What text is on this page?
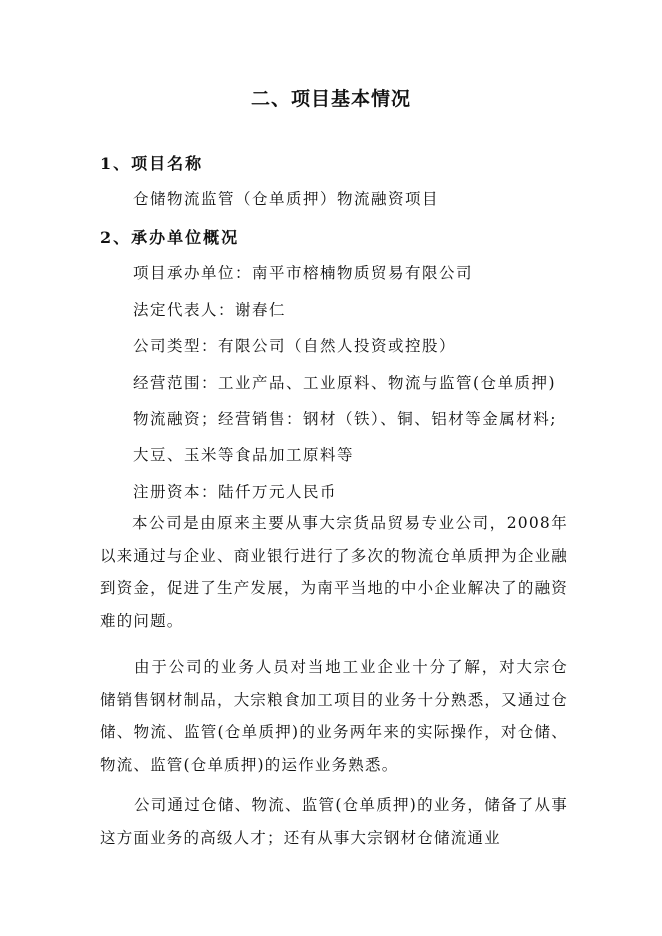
二、项目基本情况
1、项目名称
仓储物流监管（仓单质押）物流融资项目
2、承办单位概况
项目承办单位：南平市榕楠物质贸易有限公司
法定代表人：谢春仁
公司类型：有限公司（自然人投资或控股）
经营范围：工业产品、工业原料、物流与监管(仓单质押)
物流融资；经营销售：钢材（铁）、铜、铝材等金属材料;
大豆、玉米等食品加工原料等
注册资本：陆仟万元人民币
本公司是由原来主要从事大宗货品贸易专业公司，2008年以来通过与企业、商业银行进行了多次的物流仓单质押为企业融到资金，促进了生产发展，为南平当地的中小企业解决了的融资难的问题。
由于公司的业务人员对当地工业企业十分了解，对大宗仓储销售钢材制品，大宗粮食加工项目的业务十分熟悉，又通过仓储、物流、监管(仓单质押)的业务两年来的实际操作，对仓储、物流、监管(仓单质押)的运作业务熟悉。
公司通过仓储、物流、监管(仓单质押)的业务，储备了从事这方面业务的高级人才；还有从事大宗钢材仓储流通业
